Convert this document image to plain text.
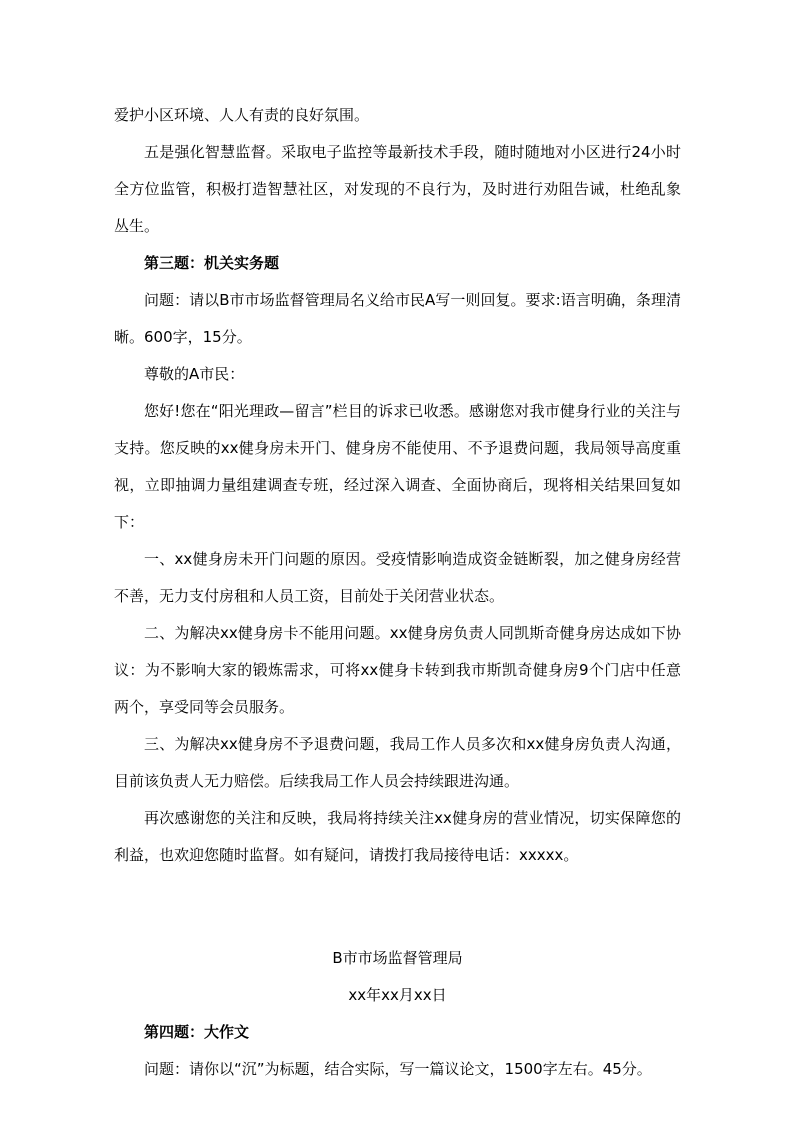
爱护小区环境、人人有责的良好氛围。

五是强化智慧监督。采取电子监控等最新技术手段，随时随地对小区进行24小时全方位监管，积极打造智慧社区，对发现的不良行为，及时进行劝阻告诫，杜绝乱象丛生。

第三题：机关实务题

问题：请以B市市场监督管理局名义给市民A写一则回复。要求:语言明确，条理清晰。600字，15分。

尊敬的A市民：

您好!您在“阳光理政—留言”栏目的诉求已收悉。感谢您对我市健身行业的关注与支持。您反映的xx健身房未开门、健身房不能使用、不予退费问题，我局领导高度重视，立即抽调力量组建调查专班，经过深入调查、全面协商后，现将相关结果回复如下：

一、xx健身房未开门问题的原因。受疫情影响造成资金链断裂，加之健身房经营不善，无力支付房租和人员工资，目前处于关闭营业状态。

二、为解决xx健身房卡不能用问题。xx健身房负责人同凯斯奇健身房达成如下协议：为不影响大家的锻炼需求，可将xx健身卡转到我市斯凯奇健身房9个门店中任意两个，享受同等会员服务。

三、为解决xx健身房不予退费问题，我局工作人员多次和xx健身房负责人沟通，目前该负责人无力赔偿。后续我局工作人员会持续跟进沟通。

再次感谢您的关注和反映，我局将持续关注xx健身房的营业情况，切实保障您的利益，也欢迎您随时监督。如有疑问，请拨打我局接待电话：xxxxx。

B市市场监督管理局

xx年xx月xx日

第四题：大作文

问题：请你以“沉”为标题，结合实际，写一篇议论文，1500字左右。45分。
